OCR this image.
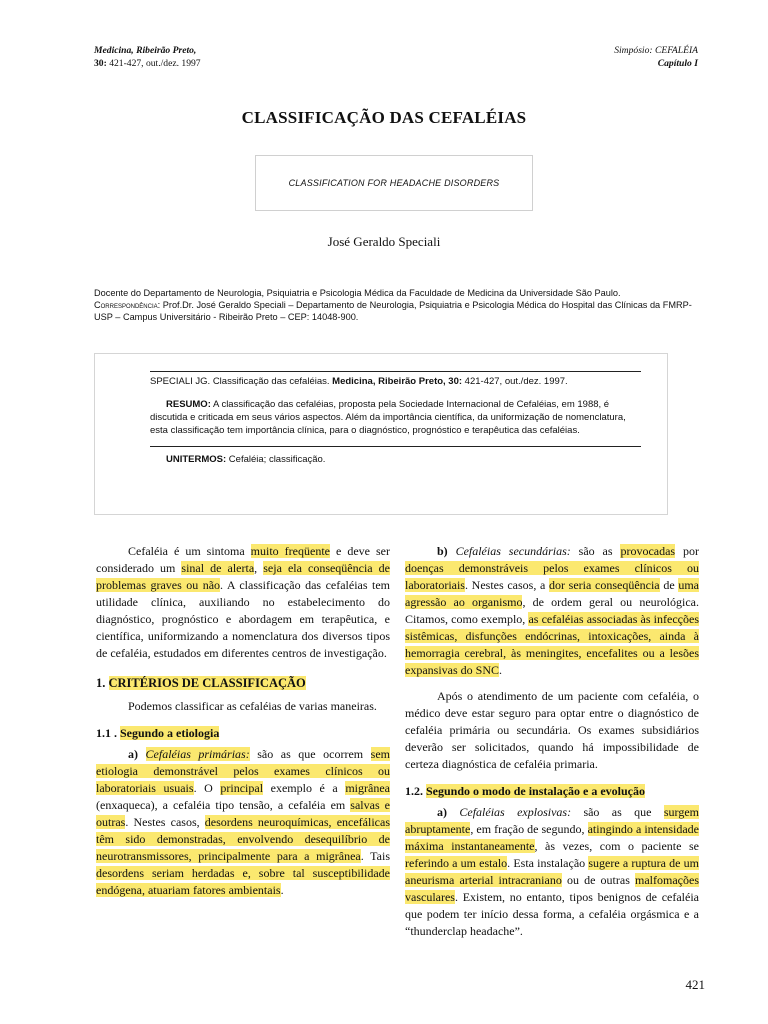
Medicina, Ribeirão Preto,
30: 421-427, out./dez. 1997
Simpósio: CEFALÉIA
Capítulo I
CLASSIFICAÇÃO DAS CEFALÉIAS
CLASSIFICATION FOR HEADACHE DISORDERS
José Geraldo Speciali
Docente do Departamento de Neurologia, Psiquiatria e Psicologia Médica da Faculdade de Medicina da Universidade São Paulo.
Correspondência: Prof.Dr. José Geraldo Speciali – Departamento de Neurologia, Psiquiatria e Psicologia Médica do Hospital das Clínicas da FMRP-USP – Campus Universitário - Ribeirão Preto – CEP: 14048-900.

SPECIALI JG. Classificação das cefaléias. Medicina, Ribeirão Preto, 30: 421-427, out./dez. 1997.

RESUMO: A classificação das cefaléias, proposta pela Sociedade Internacional de Cefaléias, em 1988, é discutida e criticada em seus vários aspectos. Além da importância científica, da uniformização de nomenclatura, esta classificação tem importância clínica, para o diagnóstico, prognóstico e terapêutica das cefaléias.

UNITERMOS: Cefaléia; classificação.

Cefaléia é um sintoma muito freqüente e deve ser considerado um sinal de alerta, seja ela conseqüência de problemas graves ou não. A classificação das cefaléias tem utilidade clínica, auxiliando no estabelecimento do diagnóstico, prognóstico e abordagem em terapêutica, e científica, uniformizando a nomenclatura dos diversos tipos de cefaléia, estudados em diferentes centros de investigação.

1. CRITÉRIOS DE CLASSIFICAÇÃO

Podemos classificar as cefaléias de varias maneiras.

1.1 . Segundo a etiologia

a) Cefaléias primárias: são as que ocorrem sem etiologia demonstrável pelos exames clínicos ou laboratoriais usuais. O principal exemplo é a migrânea (enxaqueca), a cefaléia tipo tensão, a cefaléia em salvas e outras. Nestes casos, desordens neuroquímicas, encefálicas têm sido demonstradas, envolvendo desequilíbrio de neurotransmissores, principalmente para a migrânea. Tais desordens seriam herdadas e, sobre tal susceptibilidade endógena, atuariam fatores ambientais.

b) Cefaléias secundárias: são as provocadas por doenças demonstráveis pelos exames clínicos ou laboratoriais. Nestes casos, a dor seria conseqüência de uma agressão ao organismo, de ordem geral ou neurológica. Citamos, como exemplo, as cefaléias associadas às infecções sistêmicas, disfunções endócrinas, intoxicações, ainda à hemorragia cerebral, às meningites, encefalites ou a lesões expansivas do SNC.

Após o atendimento de um paciente com cefaléia, o médico deve estar seguro para optar entre o diagnóstico de cefaléia primária ou secundária. Os exames subsidiários deverão ser solicitados, quando há impossibilidade de certeza diagnóstica de cefaléia primaria.

1.2. Segundo o modo de instalação e a evolução

a) Cefaléias explosivas: são as que surgem abruptamente, em fração de segundo, atingindo a intensidade máxima instantaneamente, às vezes, com o paciente se referindo a um estalo. Esta instalação sugere a ruptura de um aneurisma arterial intracraniano ou de outras malfomações vasculares. Existem, no entanto, tipos benignos de cefaléia que podem ter início dessa forma, a cefaléia orgásmica e a “thunderclap headache”.

421
